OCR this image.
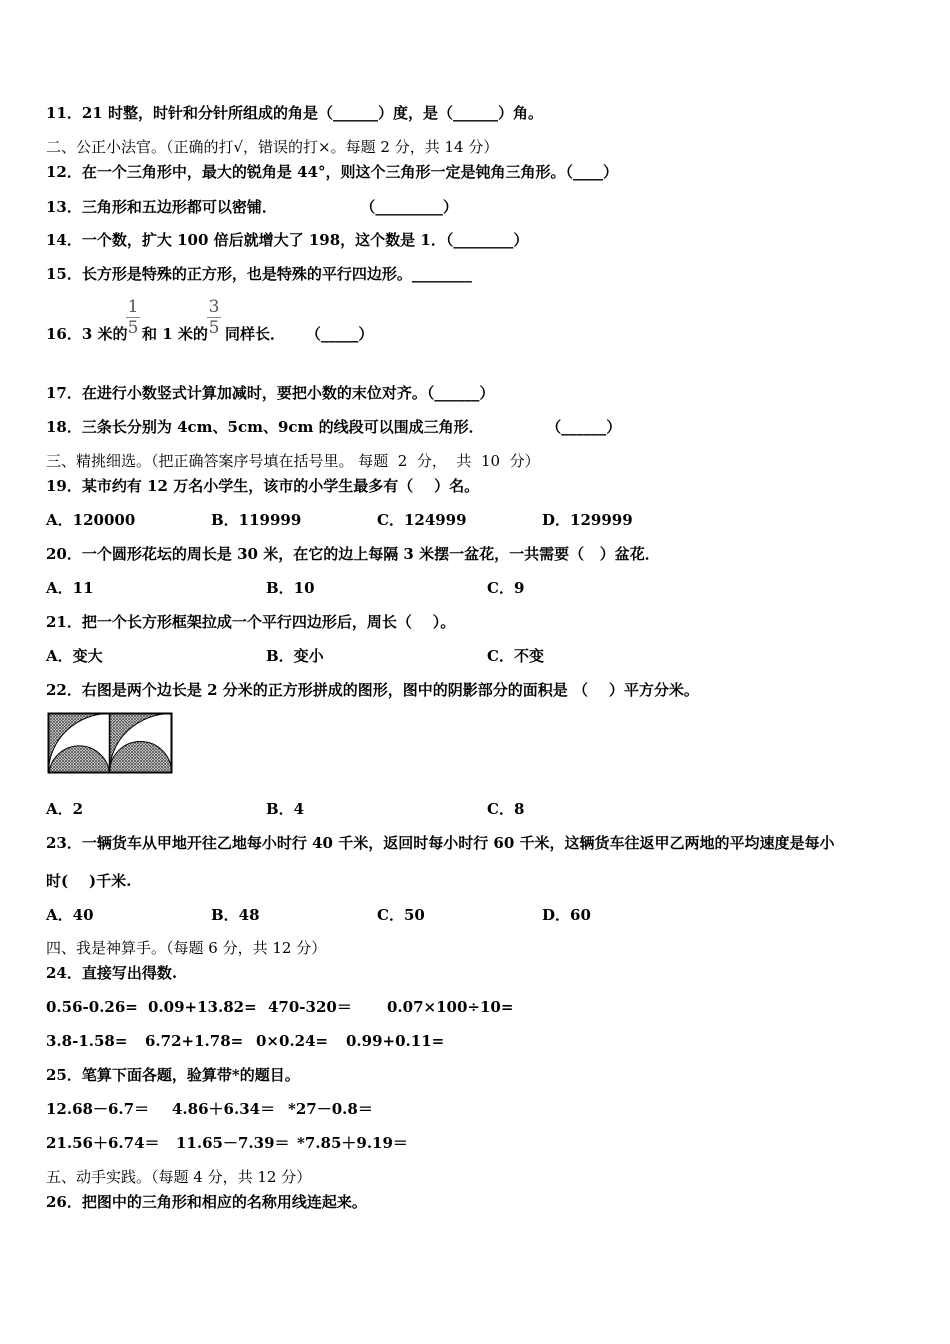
11．21 时整，时针和分针所组成的角是（______）度，是（______）角。
二、公正小法官。（正确的打√，错误的打×。每题 2 分，共 14 分）
12．在一个三角形中，最大的锐角是 44°，则这个三角形一定是钝角三角形。（____）
13．三角形和五边形都可以密铺．                （_________）
14．一个数，扩大 100 倍后就增大了 198，这个数是 1．（________）
15．长方形是特殊的正方形，也是特殊的平行四边形。________
16．3 米的
1
5 和 1 米的
3
5 同样长．    （_____）
17．在进行小数竖式计算加减时，要把小数的末位对齐。（______）
18．三条长分别为 4cm、5cm、9cm 的线段可以围成三角形．            （______）
三、精挑细选。（把正确答案序号填在括号里。 每题  2  分，  共  10  分）
19．某市约有 12 万名小学生，该市的小学生最多有（    ）名。
A．120000	B．119999	C．124999	D．129999
20．一个圆形花坛的周长是 30 米，在它的边上每隔 3 米摆一盆花，一共需要（   ）盆花．
A．11	B．10	C．9
21．把一个长方形框架拉成一个平行四边形后，周长（    ）。
A．变大	B．变小	C．不变
22．右图是两个边长是 2 分米的正方形拼成的图形，图中的阴影部分的面积是 （    ）平方分米。
A．2	B．4	C．8
23．一辆货车从甲地开往乙地每小时行 40 千米，返回时每小时行 60 千米，这辆货车往返甲乙两地的平均速度是每小
时(    )千米.
A．40	B．48	C．50	D．60
四、我是神算手。（每题 6 分，共 12 分）
24．直接写出得数.
0.56-0.26= 0.09+13.82= 470-320＝ 0.07×100÷10=
3.8-1.58= 6.72+1.78= 0×0.24= 0.99+0.11=
25．笔算下面各题，验算带*的题目。
12.68－6.7＝ 4.86＋6.34＝ *27－0.8＝
21.56＋6.74＝ 11.65－7.39＝ *7.85＋9.19＝
五、动手实践。（每题 4 分，共 12 分）
26．把图中的三角形和相应的名称用线连起来。
